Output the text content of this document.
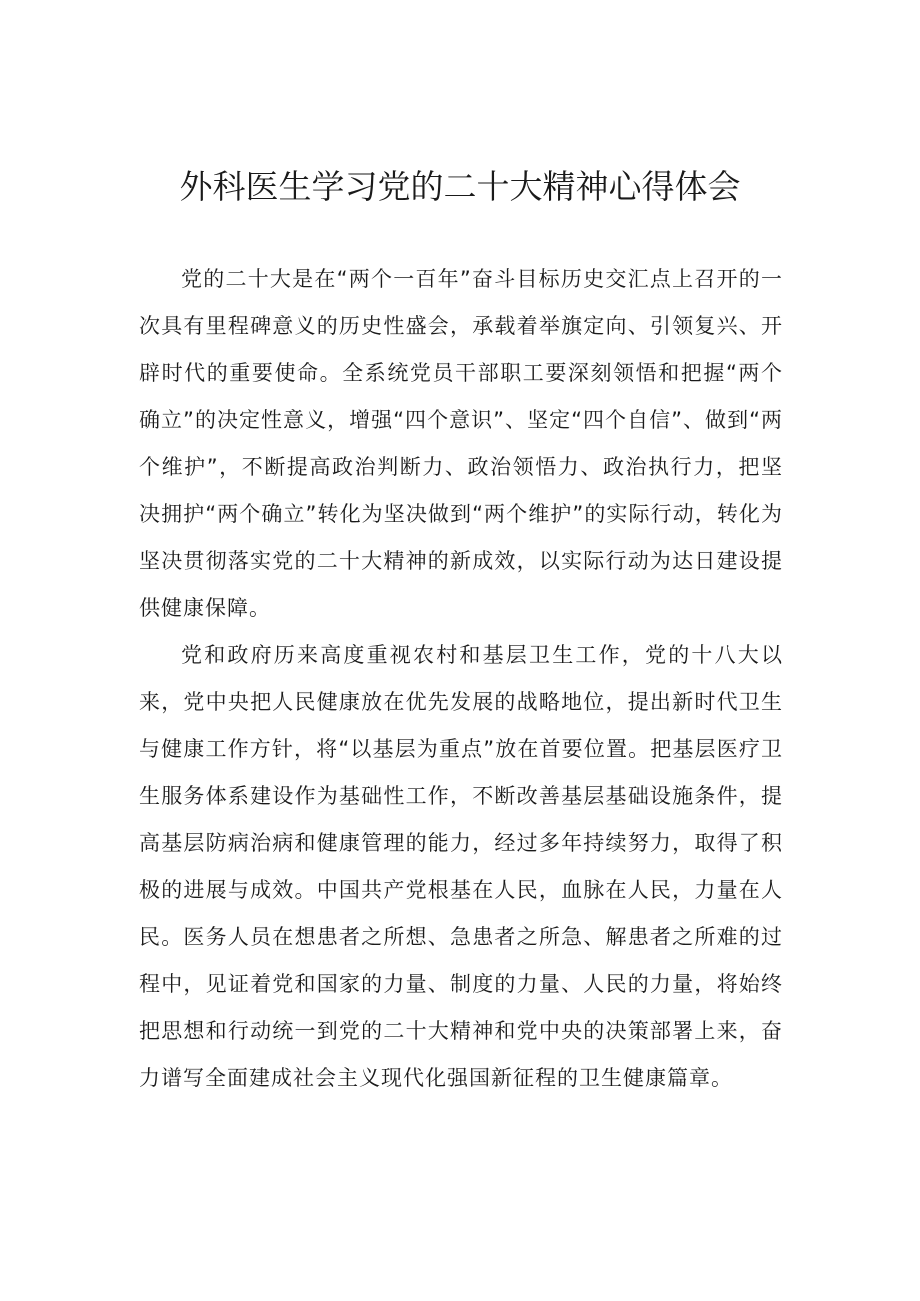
外科医生学习党的二十大精神心得体会

党的二十大是在“两个一百年”奋斗目标历史交汇点上召开的一次具有里程碑意义的历史性盛会，承载着举旗定向、引领复兴、开辟时代的重要使命。全系统党员干部职工要深刻领悟和把握“两个确立”的决定性意义，增强“四个意识”、坚定“四个自信”、做到“两个维护”，不断提高政治判断力、政治领悟力、政治执行力，把坚决拥护“两个确立”转化为坚决做到“两个维护”的实际行动，转化为坚决贯彻落实党的二十大精神的新成效，以实际行动为达日建设提供健康保障。

党和政府历来高度重视农村和基层卫生工作，党的十八大以来，党中央把人民健康放在优先发展的战略地位，提出新时代卫生与健康工作方针，将“以基层为重点”放在首要位置。把基层医疗卫生服务体系建设作为基础性工作，不断改善基层基础设施条件，提高基层防病治病和健康管理的能力，经过多年持续努力，取得了积极的进展与成效。中国共产党根基在人民，血脉在人民，力量在人民。医务人员在想患者之所想、急患者之所急、解患者之所难的过程中，见证着党和国家的力量、制度的力量、人民的力量，将始终把思想和行动统一到党的二十大精神和党中央的决策部署上来，奋力谱写全面建成社会主义现代化强国新征程的卫生健康篇章。
